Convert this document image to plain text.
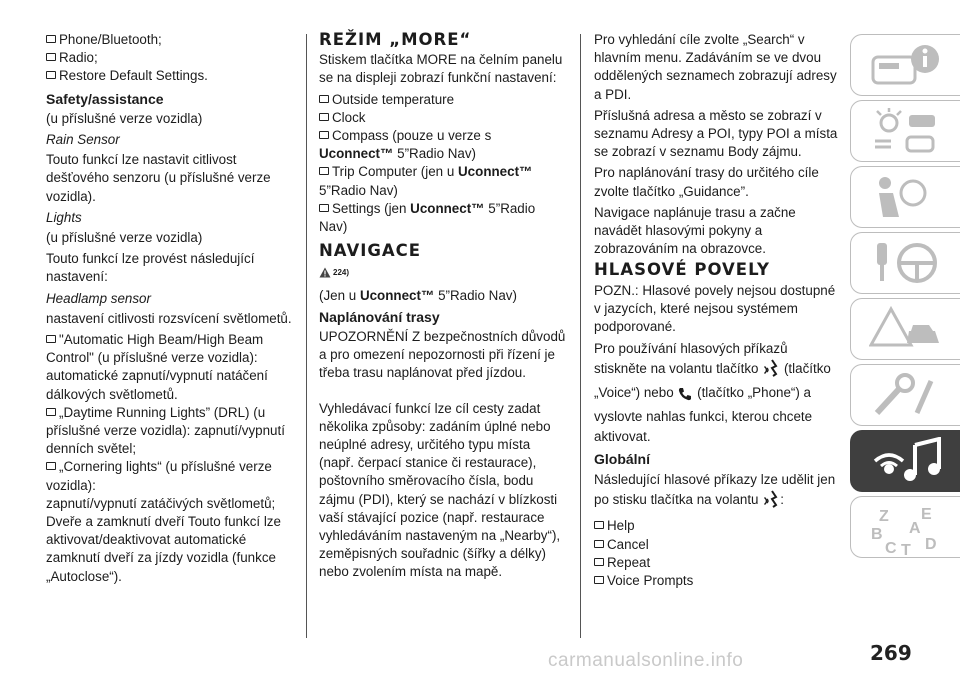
Phone/Bluetooth;
Radio;
Restore Default Settings.
Safety/assistance

(u příslušné verze vozidla)

Rain Sensor

Touto funkcí lze nastavit citlivost dešťového senzoru (u příslušné verze vozidla).

Lights

(u příslušné verze vozidla)

Touto funkcí lze provést následující nastavení:

Headlamp sensor

nastavení citlivosti rozsvícení světlometů.

"Automatic High Beam/High Beam Control" (u příslušné verze vozidla): automatické zapnutí/vypnutí natáčení dálkových světlometů.
„Daytime Running Lights” (DRL) (u příslušné verze vozidla): zapnutí/vypnutí denních světel;
„Cornering lights“ (u příslušné verze vozidla):

zapnutí/vypnutí zatáčivých světlometů;

Dveře a zamknutí dveří Touto funkcí lze aktivovat/deaktivovat automatické zamknutí dveří za jízdy vozidla (funkce „Autoclose“).

REŽIM „MORE“

Stiskem tlačítka MORE na čelním panelu se na displeji zobrazí funkční nastavení:

Outside temperature
Clock
Compass (pouze u verze s
Uconnect™ 5”Radio Nav)
Trip Computer (jen u Uconnect™
5”Radio Nav)
Settings (jen Uconnect™ 5”Radio Nav)
NAVIGACE
224)

(Jen u Uconnect™ 5”Radio Nav)

Naplánování trasy

UPOZORNĚNÍ Z bezpečnostních důvodů a pro omezení nepozornosti při řízení je třeba trasu naplánovat před jízdou.

Vyhledávací funkcí lze cíl cesty zadat několika způsoby: zadáním úplné nebo neúplné adresy, určitého typu místa (např. čerpací stanice či restaurace), poštovního směrovacího čísla, bodu zájmu (PDI), který se nachází v blízkosti vaší stávající pozice (např. restaurace vyhledáváním nastaveným na „Nearby“), zeměpisných souřadnic (šířky a délky) nebo zvolením místa na mapě.

Pro vyhledání cíle zvolte „Search“ v hlavním menu. Zadáváním se ve dvou oddělených seznamech zobrazují adresy a PDI.

Příslušná adresa a město se zobrazí v seznamu Adresy a POI, typy POI a místa se zobrazí v seznamu Body zájmu.

Pro naplánování trasy do určitého cíle zvolte tlačítko „Guidance”.

Navigace naplánuje trasu a začne navádět hlasovými pokyny a zobrazováním na obrazovce.

HLASOVÉ POVELY

POZN.: Hlasové povely nejsou dostupné v jazycích, které nejsou systémem podporované.

Pro používání hlasových příkazů stiskněte na volantu tlačítko (tlačítko „Voice“) nebo (tlačítko „Phone“) a vyslovte nahlas funkci, kterou chcete aktivovat.

Globální

Následující hlasové příkazy lze udělit jen po stisku tlačítka na volantu :

Help
Cancel
Repeat
Voice Prompts
Z E
A
B
C T D
carmanualsonline.info	269
